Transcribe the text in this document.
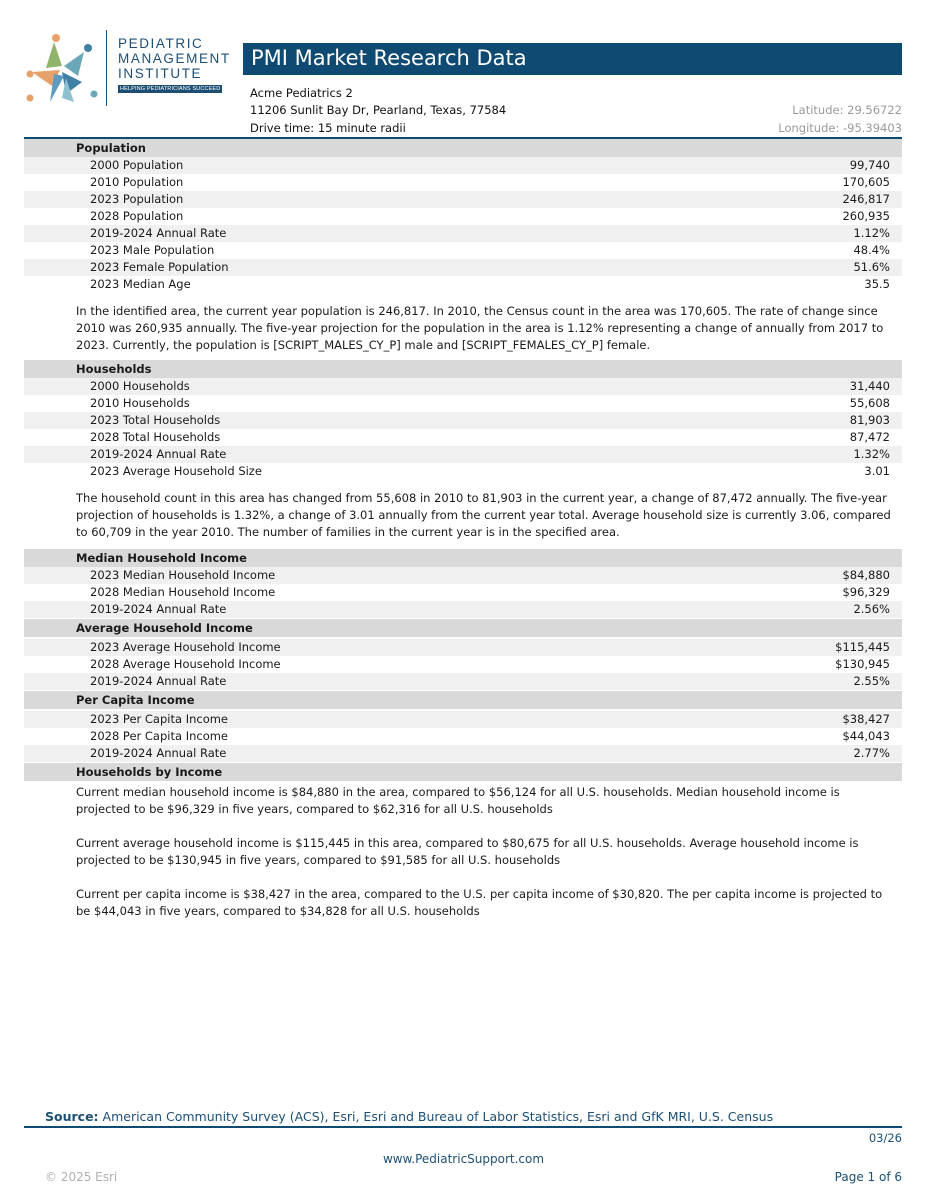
PEDIATRIC
MANAGEMENT
INSTITUTE
HELPING PEDIATRICIANS SUCCEED
PMI Market Research Data
Acme Pediatrics 2
11206 Sunlit Bay Dr, Pearland, Texas, 77584
Drive time: 15 minute radii
Latitude: 29.56722
Longitude: -95.39403
Population
2000 Population	99,740
2010 Population	170,605
2023 Population	246,817
2028 Population	260,935
2019-2024 Annual Rate	1.12%
2023 Male Population	48.4%
2023 Female Population	51.6%
2023 Median Age	35.5
In the identified area, the current year population is 246,817. In 2010, the Census count in the area was 170,605. The rate of change since 2010 was 260,935 annually. The five-year projection for the population in the area is 1.12% representing a change of annually from 2017 to 2023. Currently, the population is [SCRIPT_MALES_CY_P] male and [SCRIPT_FEMALES_CY_P] female.
Households
2000 Households	31,440
2010 Households	55,608
2023 Total Households	81,903
2028 Total Households	87,472
2019-2024 Annual Rate	1.32%
2023 Average Household Size	3.01
The household count in this area has changed from 55,608 in 2010 to 81,903 in the current year, a change of 87,472 annually. The five-year projection of households is 1.32%, a change of 3.01 annually from the current year total. Average household size is currently 3.06, compared to 60,709 in the year 2010. The number of families in the current year is in the specified area.
Median Household Income
2023 Median Household Income	$84,880
2028 Median Household Income	$96,329
2019-2024 Annual Rate	2.56%
Average Household Income
2023 Average Household Income	$115,445
2028 Average Household Income	$130,945
2019-2024 Annual Rate	2.55%
Per Capita Income
2023 Per Capita Income	$38,427
2028 Per Capita Income	$44,043
2019-2024 Annual Rate	2.77%
Households by Income
Current median household income is $84,880 in the area, compared to $56,124 for all U.S. households. Median household income is projected to be $96,329 in five years, compared to $62,316 for all U.S. households
Current average household income is $115,445 in this area, compared to $80,675 for all U.S. households. Average household income is projected to be $130,945 in five years, compared to $91,585 for all U.S. households
Current per capita income is $38,427 in the area, compared to the U.S. per capita income of $30,820. The per capita income is projected to be $44,043 in five years, compared to $34,828 for all U.S. households
Source: American Community Survey (ACS), Esri, Esri and Bureau of Labor Statistics, Esri and GfK MRI, U.S. Census
03/26
www.PediatricSupport.com
© 2025 Esri	Page 1 of 6
